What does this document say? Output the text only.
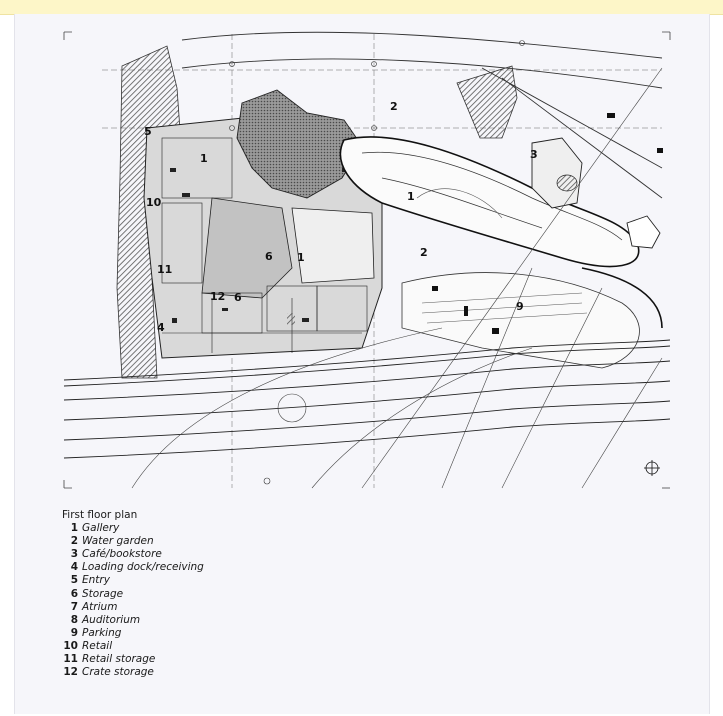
1
1
1
2
2
3
4
5
6
6
9
10
11
12
First floor plan
1 Gallery
2 Water garden
3 Café/bookstore
4 Loading dock/receiving
5 Entry
6 Storage
7 Atrium
8 Auditorium
9 Parking
10 Retail
11 Retail storage
12 Crate storage
